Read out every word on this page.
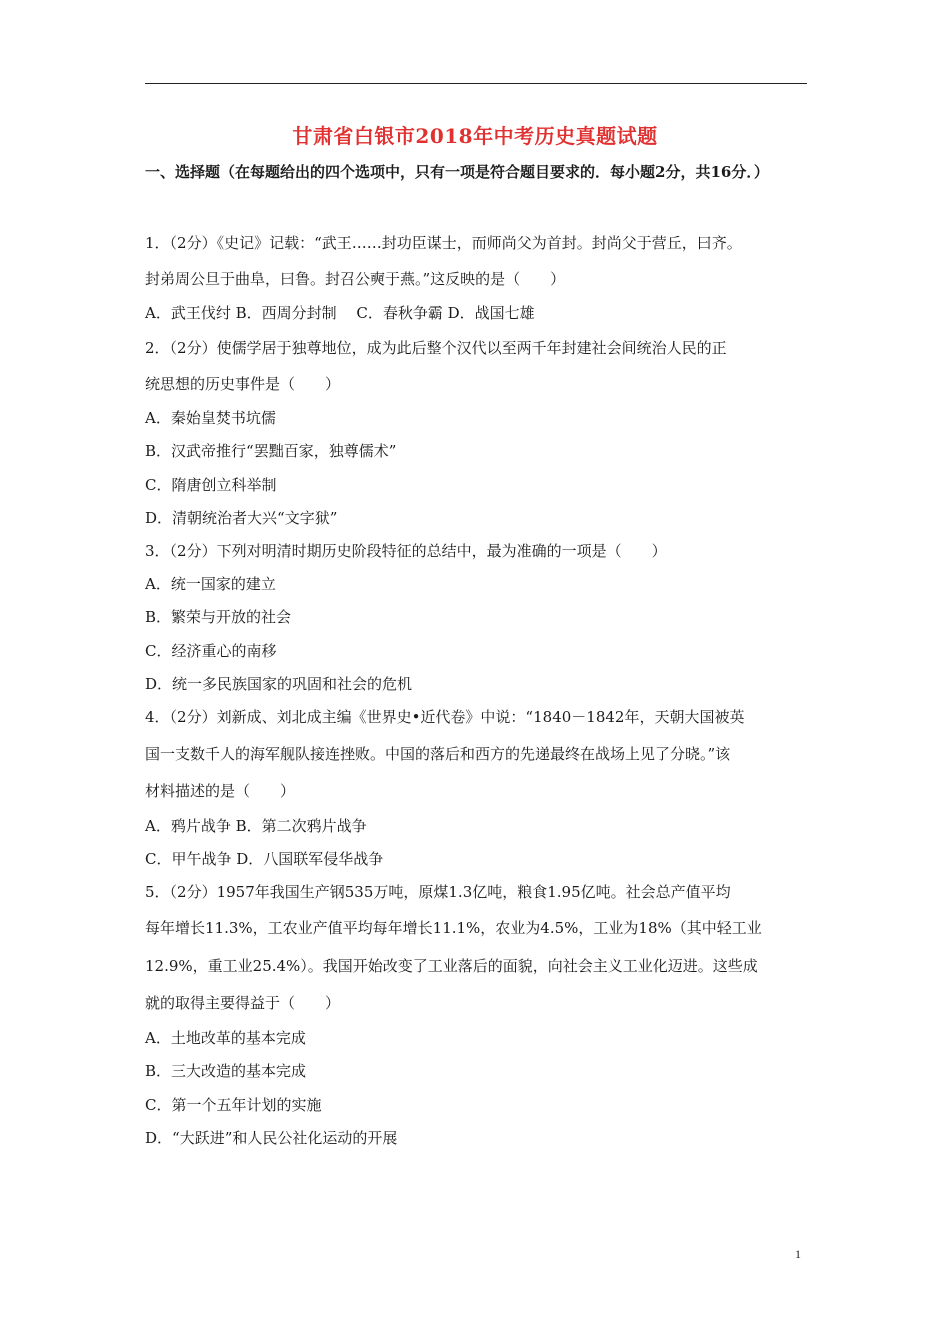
甘肃省白银市2018年中考历史真题试题
一、选择题（在每题给出的四个选项中，只有一项是符合题目要求的．每小题2分，共16分．）
1．（2分）《史记》记载：“武王……封功臣谋士，而师尚父为首封。封尚父于营丘，曰齐。
封弟周公旦于曲阜，曰鲁。封召公奭于燕。”这反映的是（　　）
A．武王伐纣 B．西周分封制　 C．春秋争霸 D．战国七雄
2．（2分）使儒学居于独尊地位，成为此后整个汉代以至两千年封建社会间统治人民的正
统思想的历史事件是（　　）
A．秦始皇焚书坑儒
B．汉武帝推行“罢黜百家，独尊儒术”
C．隋唐创立科举制
D．清朝统治者大兴“文字狱”
3．（2分）下列对明清时期历史阶段特征的总结中，最为准确的一项是（　　）
A．统一国家的建立
B．繁荣与开放的社会
C．经济重心的南移
D．统一多民族国家的巩固和社会的危机
4．（2分）刘新成、刘北成主编《世界史•近代卷》中说：“1840－1842年，天朝大国被英
国一支数千人的海军舰队接连挫败。中国的落后和西方的先递最终在战场上见了分晓。”该
材料描述的是（　　）
A．鸦片战争 B．第二次鸦片战争
C．甲午战争 D．八国联军侵华战争
5．（2分）1957年我国生产钢535万吨，原煤1.3亿吨，粮食1.95亿吨。社会总产值平均
每年增长11.3%，工农业产值平均每年增长11.1%，农业为4.5%，工业为18%（其中轻工业
12.9%，重工业25.4%）。我国开始改变了工业落后的面貌，向社会主义工业化迈进。这些成
就的取得主要得益于（　　）
A．土地改革的基本完成
B．三大改造的基本完成
C．第一个五年计划的实施
D．“大跃进”和人民公社化运动的开展
1
